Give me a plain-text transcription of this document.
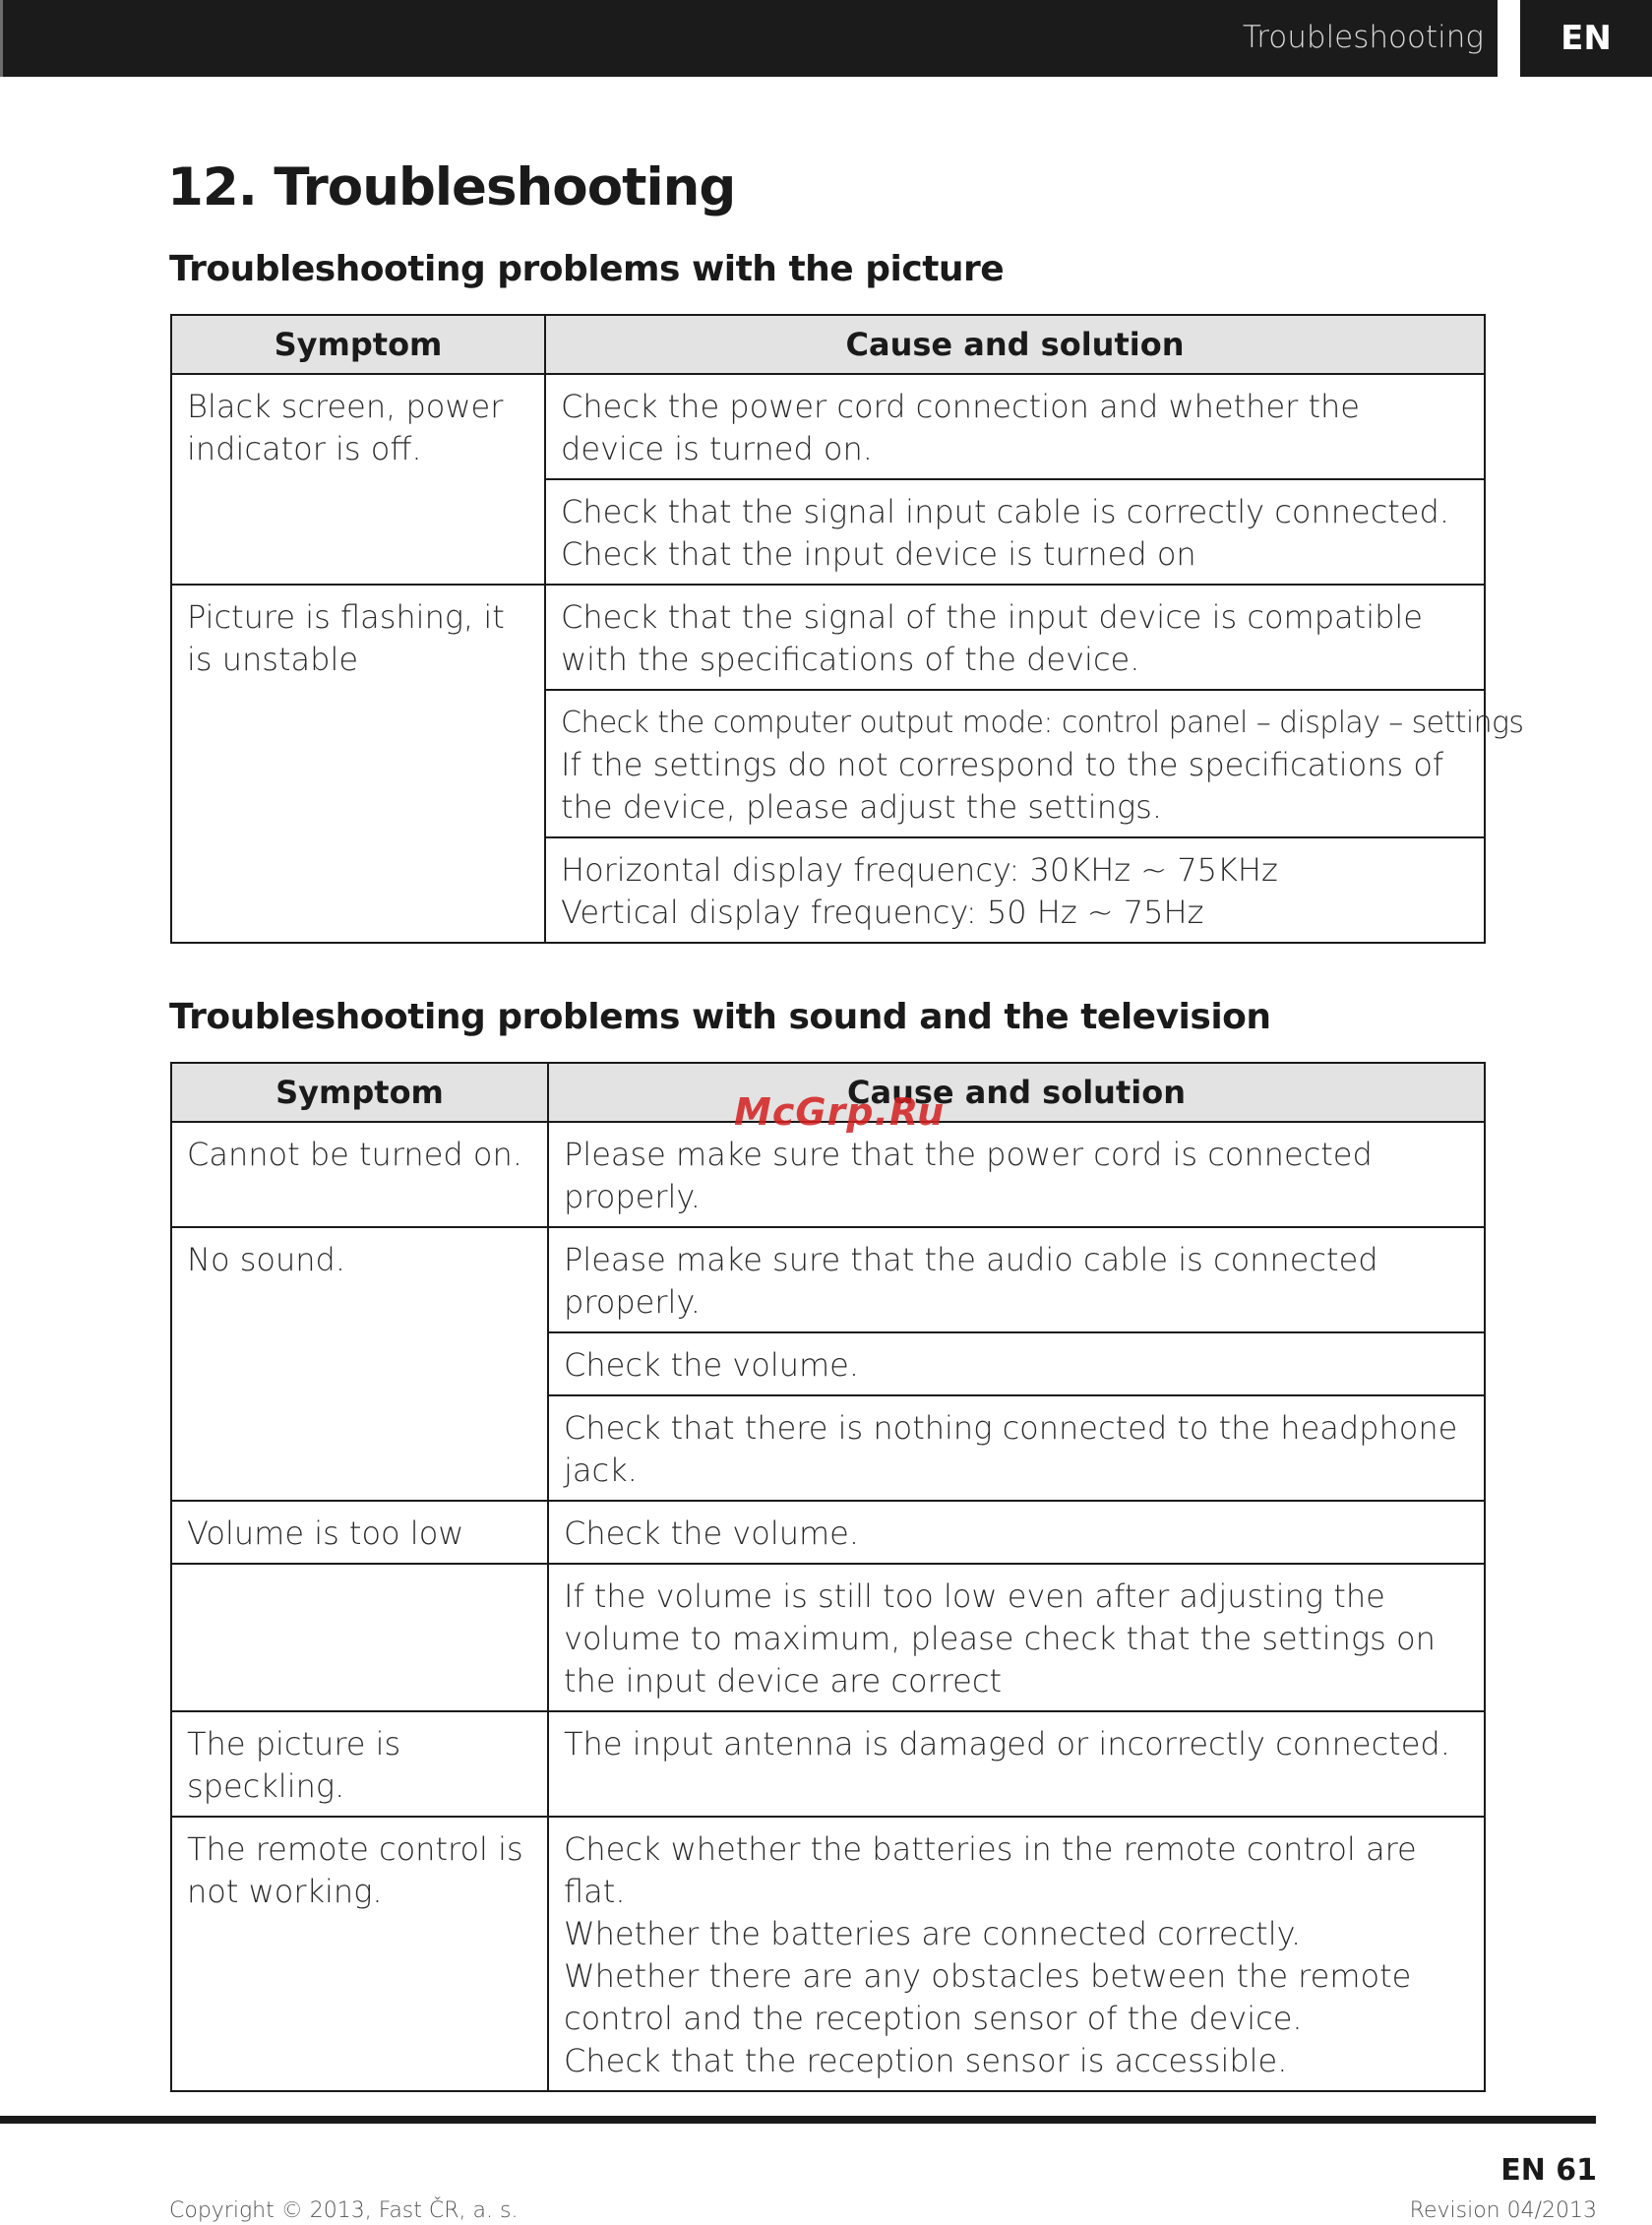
Troubleshooting	EN
12. Troubleshooting
Troubleshooting problems with the picture
Symptom	Cause and solution
Black screen, power indicator is off.	Check the power cord connection and whether the device is turned on.

	Check that the signal input cable is correctly connected.
Check that the input device is turned on

Picture is flashing, it is unstable	Check that the signal of the input device is compatible with the specifications of the device.

	Check the computer output mode: control panel – display – settings
If the settings do not correspond to the specifications of the device, please adjust the settings.

	Horizontal display frequency: 30KHz ~ 75KHz
Vertical display frequency: 50 Hz ~ 75Hz
Troubleshooting problems with sound and the television
Symptom	Cause and solution
Cannot be turned on.	Please make sure that the power cord is connected properly.
No sound.	Please make sure that the audio cable is connected properly.
	Check the volume.
	Check that there is nothing connected to the headphone jack.
Volume is too low	Check the volume.
	If the volume is still too low even after adjusting the volume to maximum, please check that the settings on the input device are correct
The picture is speckling.	The input antenna is damaged or incorrectly connected.
The remote control is not working.	Check whether the batteries in the remote control are flat.
Whether the batteries are connected correctly.
Whether there are any obstacles between the remote control and the reception sensor of the device.
Check that the reception sensor is accessible.
McGrp.Ru
EN 61
Copyright © 2013, Fast ČR, a. s.	Revision 04/2013
